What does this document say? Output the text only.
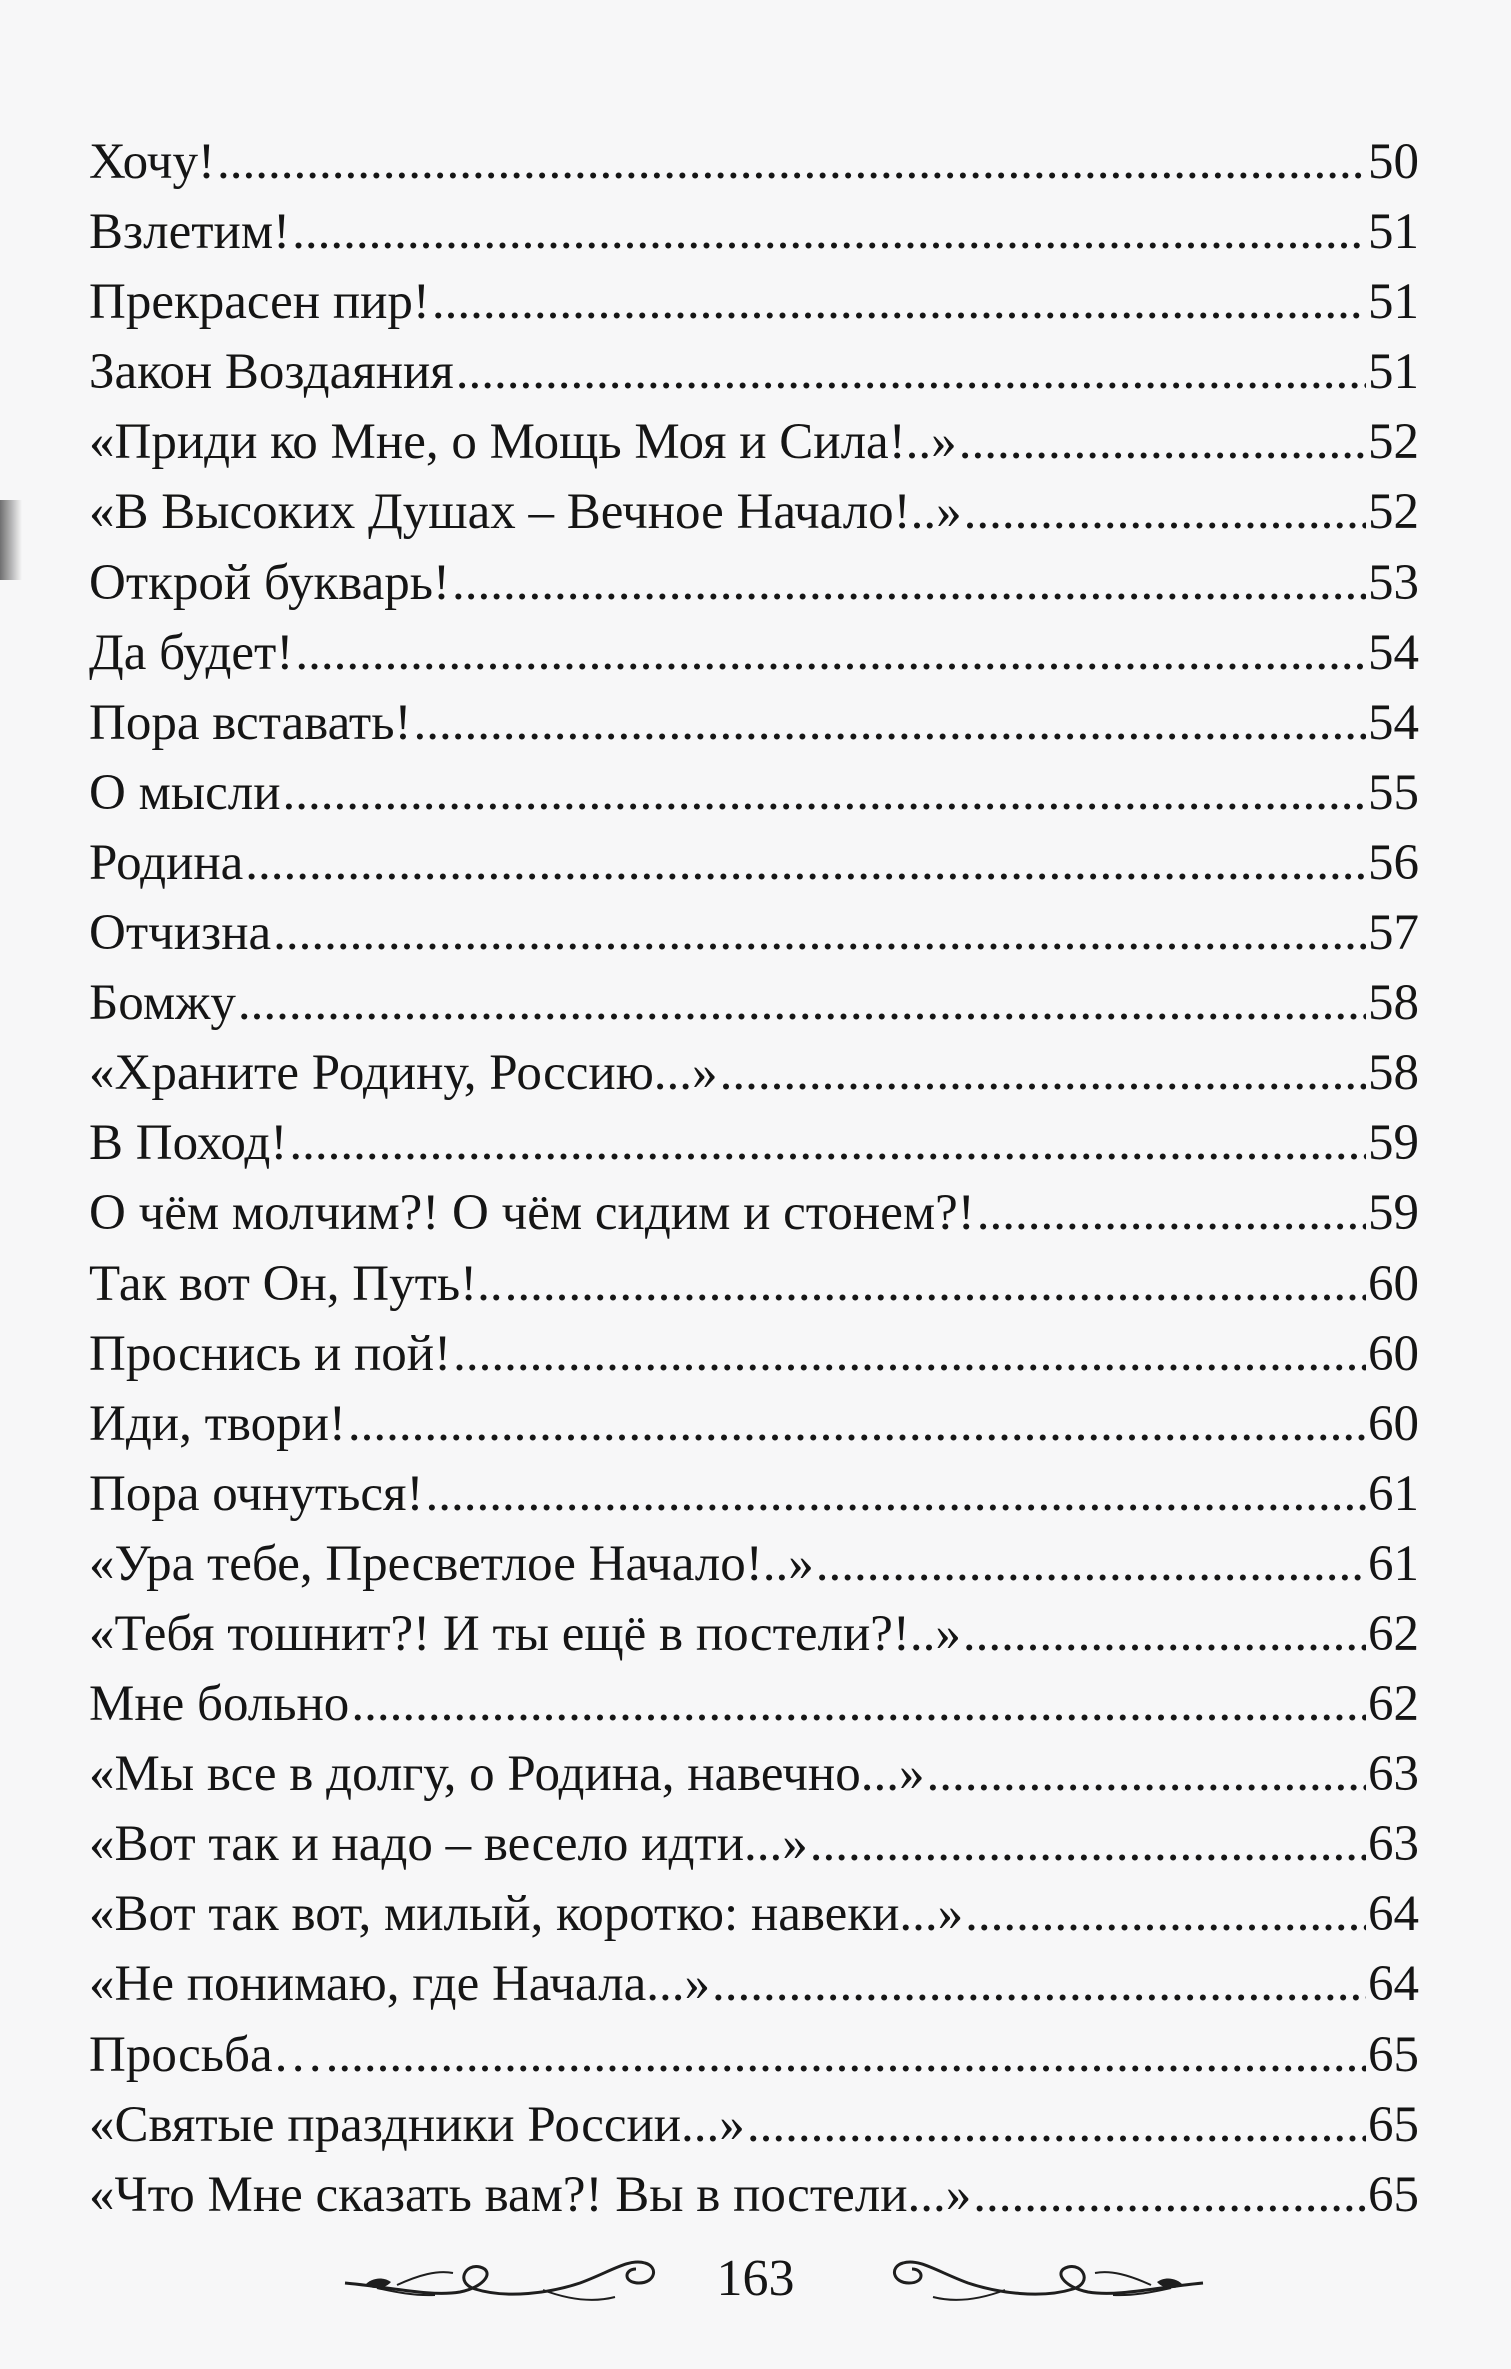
Хочу! .....	50
Взлетим! .....	51
Прекрасен пир! .....	51
Закон Воздаяния .....	51
«Приди ко Мне, о Мощь Моя и Сила!..» .....	52
«В Высоких Душах – Вечное Начало!..» .....	52
Открой букварь! .....	53
Да будет! .....	54
Пора вставать! .....	54
О мысли .....	55
Родина .....	56
Отчизна .....	57
Бомжу .....	58
«Храните Родину, Россию...» .....	58
В Поход! .....	59
О чём молчим?! О чём сидим и стонем?! .....	59
Так вот Он, Путь!.. .....	60
Проснись и пой! .....	60
Иди, твори! .....	60
Пора очнуться! .....	61
«Ура тебе, Пресветлое Начало!..» .....	61
«Тебя тошнит?! И ты ещё в постели?!..» .....	62
Мне больно .....	62
«Мы все в долгу, о Родина, навечно...» .....	63
«Вот так и надо – весело идти...» .....	63
«Вот так вот, милый, коротко: навеки...» .....	64
«Не понимаю, где Начала...» .....	64
Просьба… .....	65
«Святые праздники России...» .....	65
«Что Мне сказать вам?! Вы в постели...» .....	65
163
